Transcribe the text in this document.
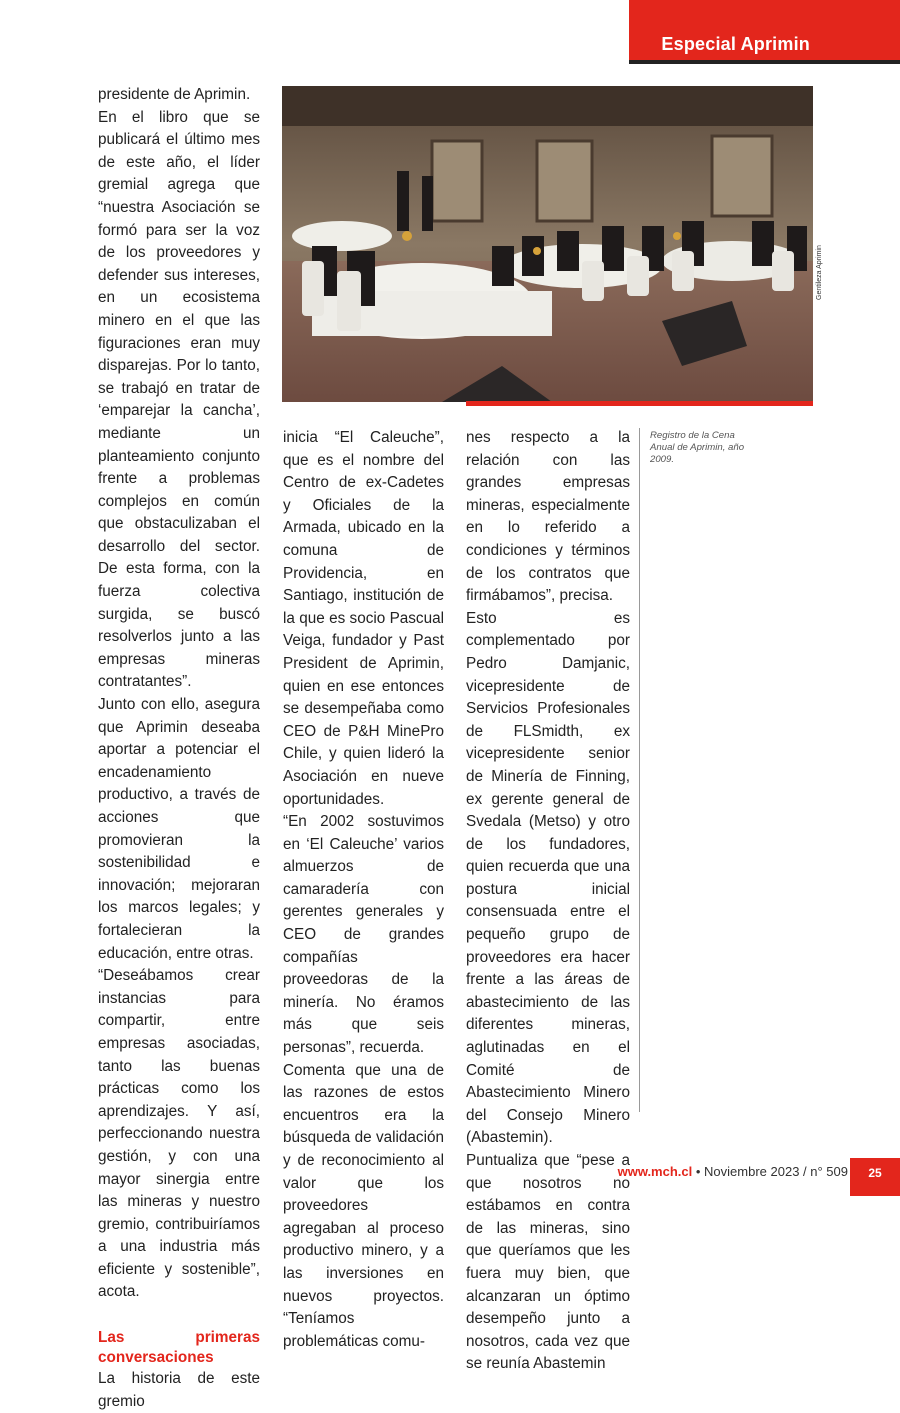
Especial Aprimin

presidente de Aprimin.

En el libro que se publicará el último mes de este año, el líder gremial agrega que “nuestra Asociación se formó para ser la voz de los proveedores y defender sus intereses, en un ecosistema minero en el que las figuraciones eran muy disparejas. Por lo tanto, se trabajó en tratar de ‘emparejar la cancha’, mediante un planteamiento conjunto frente a problemas complejos en común que obstaculizaban el desarrollo del sector. De esta forma, con la fuerza colectiva surgida, se buscó resolverlos junto a las empresas mineras contratantes”.

Junto con ello, asegura que Aprimin deseaba aportar a potenciar el encadenamiento productivo, a través de acciones que promovieran la sostenibilidad e innovación; mejoraran los marcos legales; y fortalecieran la educación, entre otras.

“Deseábamos crear instancias para compartir, entre empresas asociadas, tanto las buenas prácticas como los aprendizajes. Y así, perfeccionando nuestra gestión, y con una mayor sinergia entre las mineras y nuestro gremio, contribuiríamos a una industria más eficiente y sostenible”, acota.

Las primeras conversaciones

La historia de este gremio

Gentileza Aprimin

inicia “El Caleuche”, que es el nombre del Centro de ex-Cadetes y Oficiales de la Armada, ubicado en la comuna de Providencia, en Santiago, institución de la que es socio Pascual Veiga, fundador y Past President de Aprimin, quien en ese entonces se desempeñaba como CEO de P&H MinePro Chile, y quien lideró la Asociación en nueve oportunidades.

“En 2002 sostuvimos en ‘El Caleuche’ varios almuerzos de camaradería con gerentes generales y CEO de grandes compañías proveedoras de la minería. No éramos más que seis personas”, recuerda.

Comenta que una de las razones de estos encuentros era la búsqueda de validación y de reconocimiento al valor que los proveedores agregaban al proceso productivo minero, y a las inversiones en nuevos proyectos. “Teníamos problemáticas comu-

nes respecto a la relación con las grandes empresas mineras, especialmente en lo referido a condiciones y términos de los contratos que firmábamos”, precisa.

Esto es complementado por Pedro Damjanic, vicepresidente de Servicios Profesionales de FLSmidth, ex vicepresidente senior de Minería de Finning, ex gerente general de Svedala (Metso) y otro de los fundadores, quien recuerda que una postura inicial consensuada entre el pequeño grupo de proveedores era hacer frente a las áreas de abastecimiento de las diferentes mineras, aglutinadas en el Comité de Abastecimiento Minero del Consejo Minero (Abastemin).

Puntualiza que “pese a que nosotros no estábamos en contra de las mineras, sino que queríamos que les fuera muy bien, que alcanzaran un óptimo desempeño junto a nosotros, cada vez que se reunía Abastemin

Registro de la Cena Anual de Aprimin, año 2009.
www.mch.cl • Noviembre 2023 / n° 509	25
